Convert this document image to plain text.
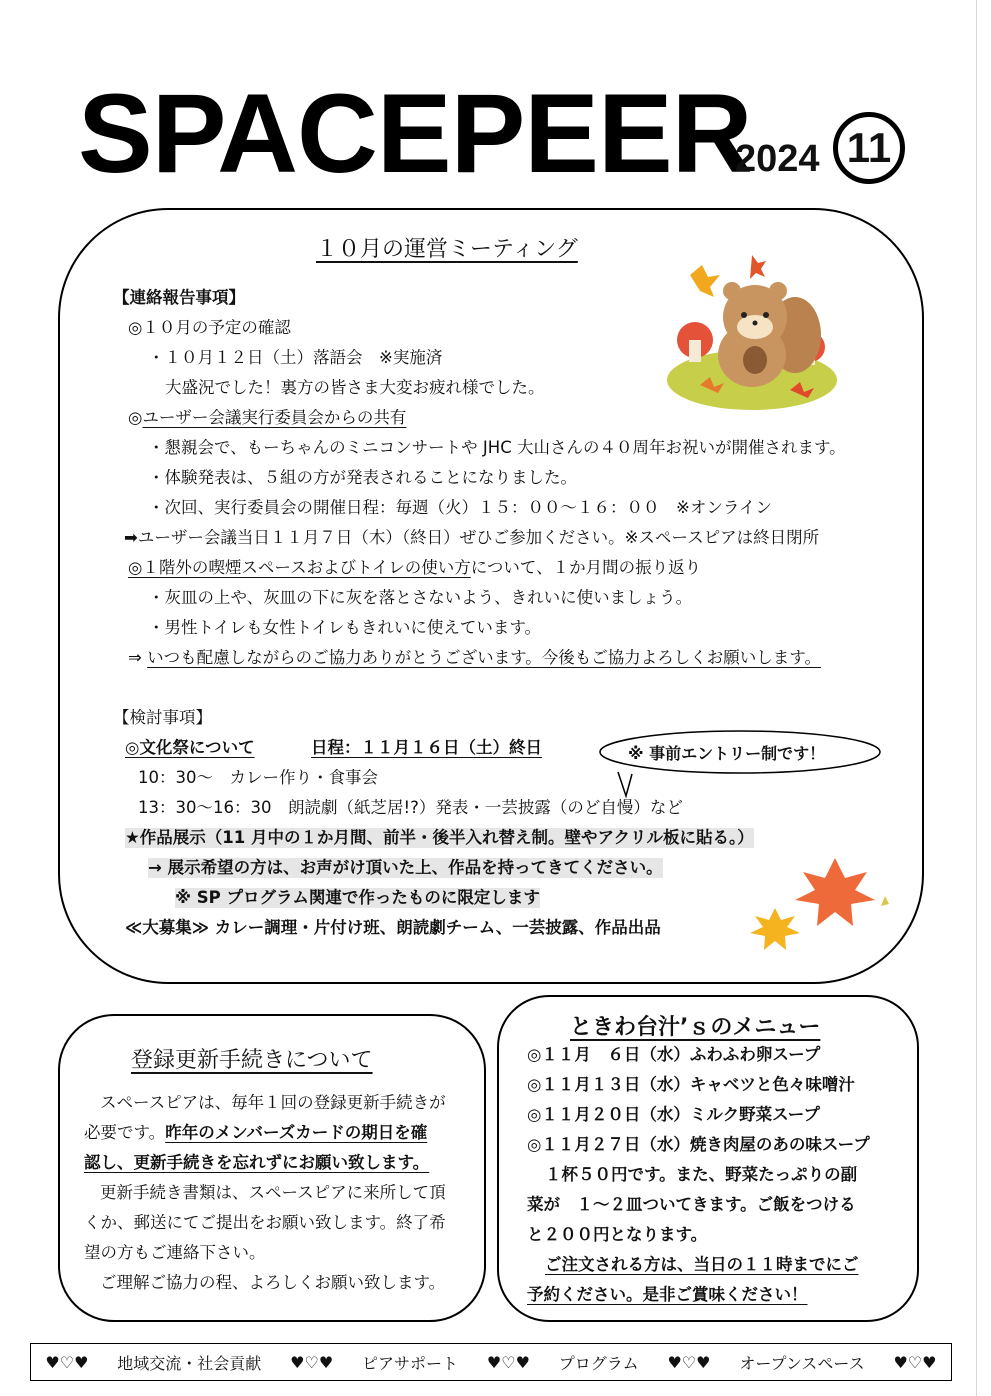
SPACEPEER
2024 11
１０月の運営ミーティング
【連絡報告事項】
◎１０月の予定の確認
・１０月１２日（土）落語会　※実施済
大盛況でした！裏方の皆さま大変お疲れ様でした。
◎ユーザー会議実行委員会からの共有
・懇親会で、もーちゃんのミニコンサートや JHC 大山さんの４０周年お祝いが開催されます。
・体験発表は、５組の方が発表されることになりました。
・次回、実行委員会の開催日程：毎週（火）１５：００～１６：００　※オンライン
➡ユーザー会議当日１１月７日（木）（終日）ぜひご参加ください。※スペースピアは終日閉所
◎１階外の喫煙スペースおよびトイレの使い方について、１か月間の振り返り
・灰皿の上や、灰皿の下に灰を落とさないよう、きれいに使いましょう。
・男性トイレも女性トイレもきれいに使えています。
⇒ いつも配慮しながらのご協力ありがとうございます。今後もご協力よろしくお願いします。
【検討事項】
◎文化祭について	日程：１１月１６日（土）終日	※ 事前エントリー制です！
10：30～　カレー作り・食事会
13：30～16：30　朗読劇（紙芝居!?）発表・一芸披露（のど自慢）など
★作品展示（11 月中の１か月間、前半・後半入れ替え制。壁やアクリル板に貼る。）
→ 展示希望の方は、お声がけ頂いた上、作品を持ってきてください。
※ SP プログラム関連で作ったものに限定します
≪大募集≫ カレー調理・片付け班、朗読劇チーム、一芸披露、作品出品
登録更新手続きについて
スペースピアは、毎年１回の登録更新手続きが
必要です。昨年のメンバーズカードの期日を確
認し、更新手続きを忘れずにお願い致します。
更新手続き書類は、スペースピアに来所して頂
くか、郵送にてご提出をお願い致します。終了希
望の方もご連絡下さい。
ご理解ご協力の程、よろしくお願い致します。
ときわ台汁’ｓのメニュー
◎１１月　６日（水）ふわふわ卵スープ
◎１１月１３日（水）キャベツと色々味噌汁
◎１１月２０日（水）ミルク野菜スープ
◎１１月２７日（水）焼き肉屋のあの味スープ
１杯５０円です。また、野菜たっぷりの副
菜が　１～２皿ついてきます。ご飯をつける
と２００円となります。
ご注文される方は、当日の１１時までにご
予約ください。是非ご賞味ください！
♥♡♥ 地域交流・社会貢献 ♥♡♥ ピアサポート ♥♡♥ プログラム ♥♡♥ オープンスペース ♥♡♥
